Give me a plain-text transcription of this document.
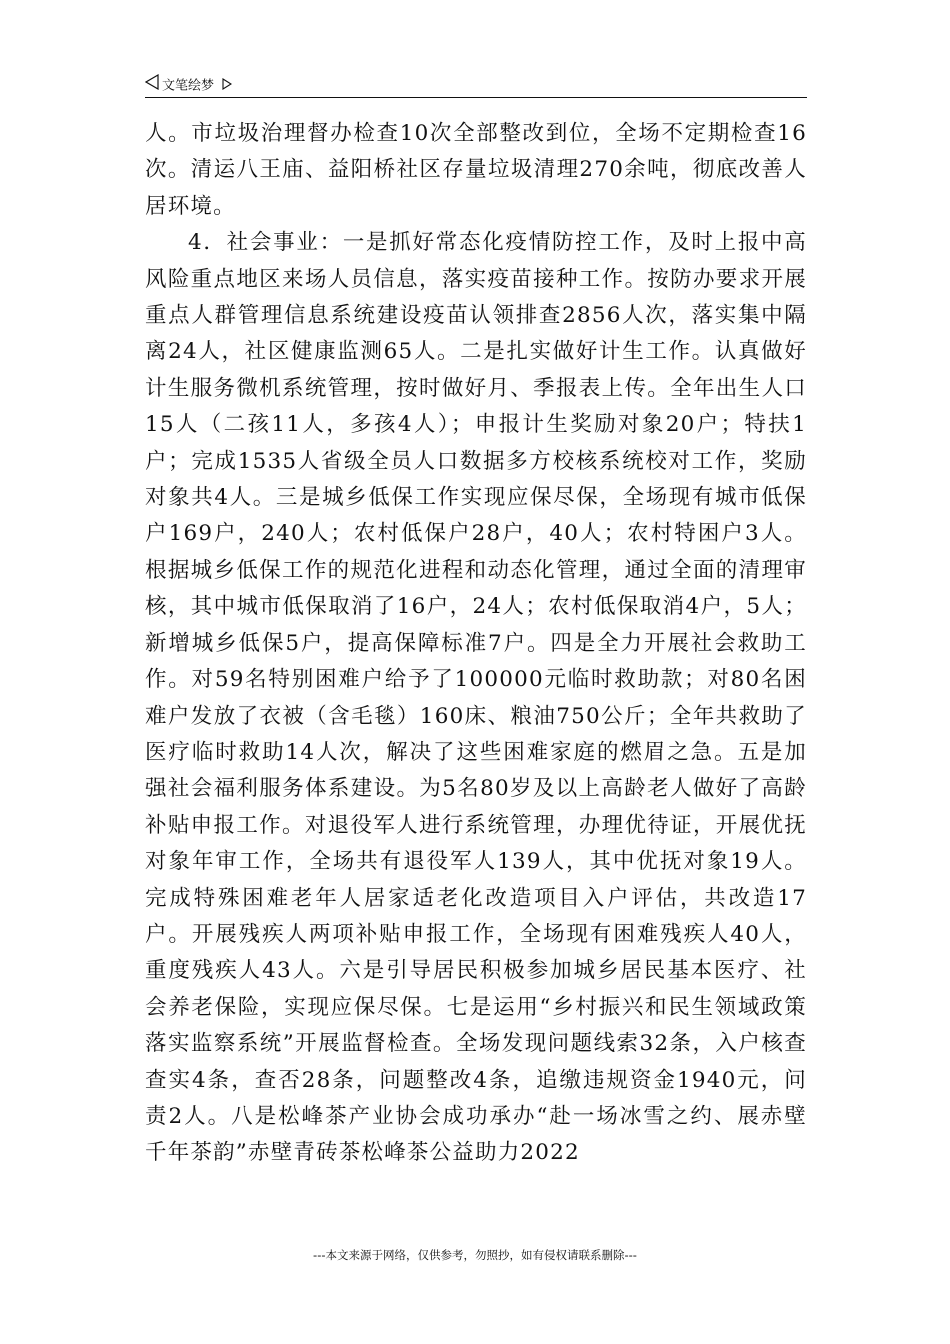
文笔绘梦

人。市垃圾治理督办检查10次全部整改到位，全场不定期检查16次。清运八王庙、益阳桥社区存量垃圾清理270余吨，彻底改善人居环境。

4．社会事业：一是抓好常态化疫情防控工作，及时上报中高风险重点地区来场人员信息，落实疫苗接种工作。按防办要求开展重点人群管理信息系统建设疫苗认领排查2856人次，落实集中隔离24人，社区健康监测65人。二是扎实做好计生工作。认真做好计生服务微机系统管理，按时做好月、季报表上传。全年出生人口15人（二孩11人，多孩4人）；申报计生奖励对象20户；特扶1户；完成1535人省级全员人口数据多方校核系统校对工作，奖励对象共4人。三是城乡低保工作实现应保尽保，全场现有城市低保户169户，240人；农村低保户28户，40人；农村特困户3人。根据城乡低保工作的规范化进程和动态化管理，通过全面的清理审核，其中城市低保取消了16户，24人；农村低保取消4户，5人；新增城乡低保5户，提高保障标准7户。四是全力开展社会救助工作。对59名特别困难户给予了100000元临时救助款；对80名困难户发放了衣被（含毛毯）160床、粮油750公斤；全年共救助了医疗临时救助14人次，解决了这些困难家庭的燃眉之急。五是加强社会福利服务体系建设。为5名80岁及以上高龄老人做好了高龄补贴申报工作。对退役军人进行系统管理，办理优待证，开展优抚对象年审工作，全场共有退役军人139人，其中优抚对象19人。完成特殊困难老年人居家适老化改造项目入户评估，共改造17户。开展残疾人两项补贴申报工作，全场现有困难残疾人40人，重度残疾人43人。六是引导居民积极参加城乡居民基本医疗、社会养老保险，实现应保尽保。七是运用“乡村振兴和民生领域政策落实监察系统”开展监督检查。全场发现问题线索32条，入户核查查实4条，查否28条，问题整改4条，追缴违规资金1940元，问责2人。八是松峰茶产业协会成功承办“赴一场冰雪之约、展赤壁千年茶韵”赤壁青砖茶松峰茶公益助力2022

---本文来源于网络，仅供参考，勿照抄，如有侵权请联系删除---
